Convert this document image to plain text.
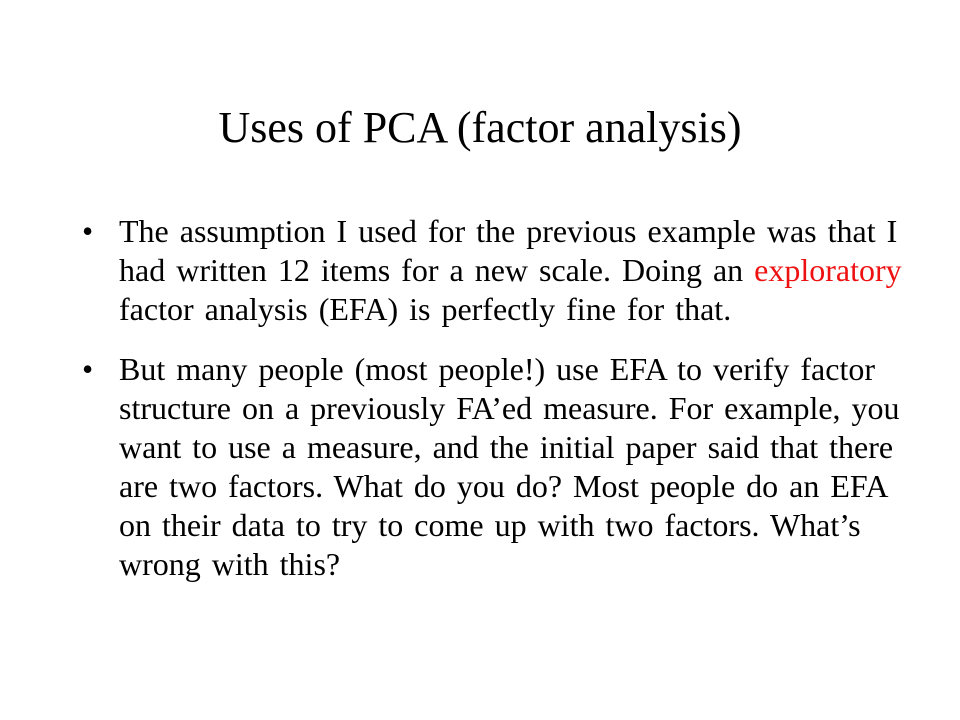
Uses of PCA (factor analysis)
• The assumption I used for the previous example was that I had written 12 items for a new scale. Doing an exploratory factor analysis (EFA) is perfectly fine for that.
• But many people (most people!) use EFA to verify factor structure on a previously FA’ed measure. For example, you want to use a measure, and the initial paper said that there are two factors. What do you do? Most people do an EFA on their data to try to come up with two factors. What’s wrong with this?
